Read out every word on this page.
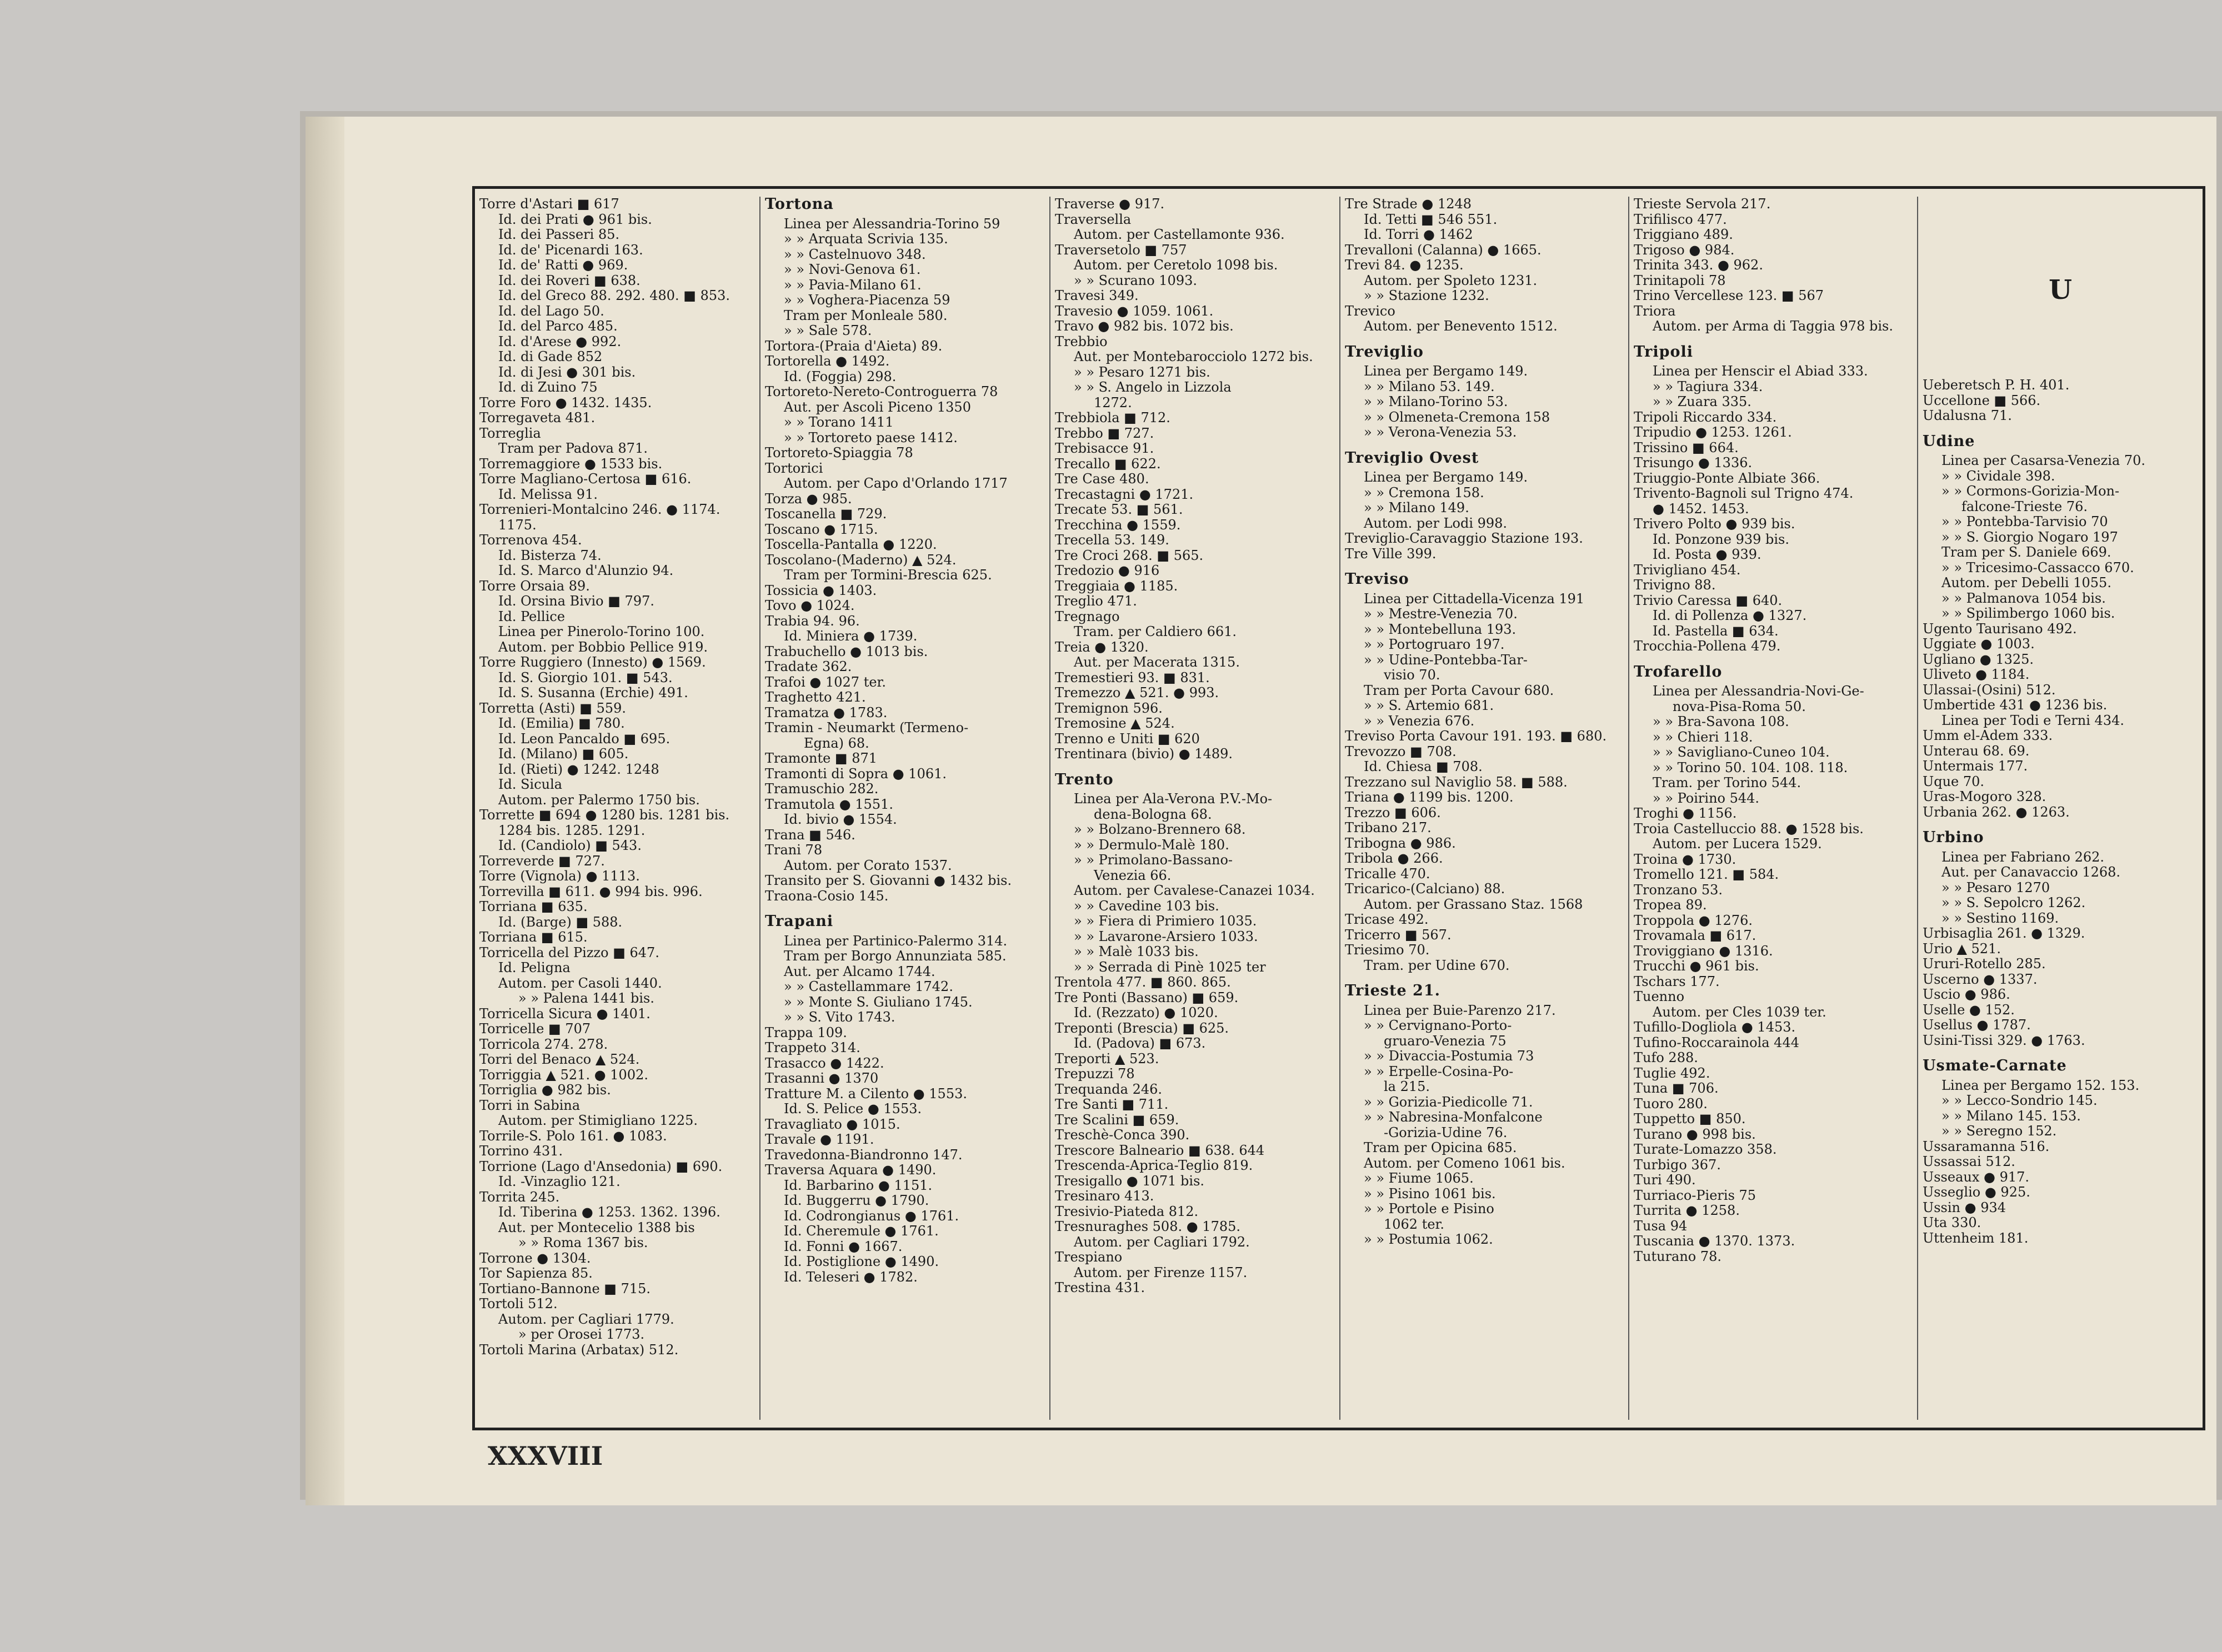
Torre d'Astari ■ 617
Id. dei Prati ● 961 bis.
Id. dei Passeri 85.
Id. de' Picenardi 163.
Id. de' Ratti ● 969.
Id. dei Roveri ■ 638.
Id. del Greco 88. 292. 480. ■ 853.
Id. del Lago 50.
Id. del Parco 485.
Id. d'Arese ● 992.
Id. di Gade 852
Id. di Jesi ● 301 bis.
Id. di Zuino 75
Torre Foro ● 1432. 1435.
Torregaveta 481.
Torreglia
Tram per Padova 871.
Torremaggiore ● 1533 bis.
Torre Magliano-Certosa ■ 616.
Id. Melissa 91.
Torrenieri-Montalcino 246. ● 1174.
1175.
Torrenova 454.
Id. Bisterza 74.
Id. S. Marco d'Alunzio 94.
Torre Orsaia 89.
Id. Orsina Bivio ■ 797.
Id. Pellice
Linea per Pinerolo-Torino 100.
Autom. per Bobbio Pellice 919.
Torre Ruggiero (Innesto) ● 1569.
Id. S. Giorgio 101. ■ 543.
Id. S. Susanna (Erchie) 491.
Torretta (Asti) ■ 559.
Id. (Emilia) ■ 780.
Id. Leon Pancaldo ■ 695.
Id. (Milano) ■ 605.
Id. (Rieti) ● 1242. 1248
Id. Sicula
Autom. per Palermo 1750 bis.
Torrette ■ 694 ● 1280 bis. 1281 bis.
1284 bis. 1285. 1291.
Id. (Candiolo) ■ 543.
Torreverde ■ 727.
Torre (Vignola) ● 1113.
Torrevilla ■ 611. ● 994 bis. 996.
Torriana ■ 635.
Id. (Barge) ■ 588.
Torriana ■ 615.
Torricella del Pizzo ■ 647.
Id. Peligna
Autom. per Casoli 1440.
» » Palena 1441 bis.
Torricella Sicura ● 1401.
Torricelle ■ 707
Torricola 274. 278.
Torri del Benaco ▲ 524.
Torriggia ▲ 521. ● 1002.
Torriglia ● 982 bis.
Torri in Sabina
Autom. per Stimigliano 1225.
Torrile-S. Polo 161. ● 1083.
Torrino 431.
Torrione (Lago d'Ansedonia) ■ 690.
Id. -Vinzaglio 121.
Torrita 245.
Id. Tiberina ● 1253. 1362. 1396.
Aut. per Montecelio 1388 bis
» » Roma 1367 bis.
Torrone ● 1304.
Tor Sapienza 85.
Tortiano-Bannone ■ 715.
Tortoli 512.
Autom. per Cagliari 1779.
» per Orosei 1773.
Tortoli Marina (Arbatax) 512.
Tortona
Linea per Alessandria-Torino 59
» » Arquata Scrivia 135.
» » Castelnuovo 348.
» » Novi-Genova 61.
» » Pavia-Milano 61.
» » Voghera-Piacenza 59
Tram per Monleale 580.
» » Sale 578.
Tortora-(Praia d'Aieta) 89.
Tortorella ● 1492.
Id. (Foggia) 298.
Tortoreto-Nereto-Controguerra 78
Aut. per Ascoli Piceno 1350
» » Torano 1411
» » Tortoreto paese 1412.
Tortoreto-Spiaggia 78
Tortorici
Autom. per Capo d'Orlando 1717
Torza ● 985.
Toscanella ■ 729.
Toscano ● 1715.
Toscella-Pantalla ● 1220.
Toscolano-(Maderno) ▲ 524.
Tram per Tormini-Brescia 625.
Tossicia ● 1403.
Tovo ● 1024.
Trabia 94. 96.
Id. Miniera ● 1739.
Trabuchello ● 1013 bis.
Tradate 362.
Trafoi ● 1027 ter.
Traghetto 421.
Tramatza ● 1783.
Tramin - Neumarkt (Termeno-
Egna) 68.
Tramonte ■ 871
Tramonti di Sopra ● 1061.
Tramuschio 282.
Tramutola ● 1551.
Id. bivio ● 1554.
Trana ■ 546.
Trani 78
Autom. per Corato 1537.
Transito per S. Giovanni ● 1432 bis.
Traona-Cosio 145.
Trapani
Linea per Partinico-Palermo 314.
Tram per Borgo Annunziata 585.
Aut. per Alcamo 1744.
» » Castellammare 1742.
» » Monte S. Giuliano 1745.
» » S. Vito 1743.
Trappa 109.
Trappeto 314.
Trasacco ● 1422.
Trasanni ● 1370
Tratture M. a Cilento ● 1553.
Id. S. Pelice ● 1553.
Travagliato ● 1015.
Travale ● 1191.
Travedonna-Biandronno 147.
Traversa Aquara ● 1490.
Id. Barbarino ● 1151.
Id. Buggerru ● 1790.
Id. Codrongianus ● 1761.
Id. Cheremule ● 1761.
Id. Fonni ● 1667.
Id. Postiglione ● 1490.
Id. Teleseri ● 1782.
Traverse ● 917.
Traversella
Autom. per Castellamonte 936.
Traversetolo ■ 757
Autom. per Ceretolo 1098 bis.
» » Scurano 1093.
Travesi 349.
Travesio ● 1059. 1061.
Travo ● 982 bis. 1072 bis.
Trebbio
Aut. per Montebarocciolo 1272 bis.
» » Pesaro 1271 bis.
» » S. Angelo in Lizzola
1272.
Trebbiola ■ 712.
Trebbo ■ 727.
Trebisacce 91.
Trecallo ■ 622.
Tre Case 480.
Trecastagni ● 1721.
Trecate 53. ■ 561.
Trecchina ● 1559.
Trecella 53. 149.
Tre Croci 268. ■ 565.
Tredozio ● 916
Treggiaia ● 1185.
Treglio 471.
Tregnago
Tram. per Caldiero 661.
Treia ● 1320.
Aut. per Macerata 1315.
Tremestieri 93. ■ 831.
Tremezzo ▲ 521. ● 993.
Tremignon 596.
Tremosine ▲ 524.
Trenno e Uniti ■ 620
Trentinara (bivio) ● 1489.
Trento
Linea per Ala-Verona P.V.-Mo-
dena-Bologna 68.
» » Bolzano-Brennero 68.
» » Dermulo-Malè 180.
» » Primolano-Bassano-
Venezia 66.
Autom. per Cavalese-Canazei 1034.
» » Cavedine 103 bis.
» » Fiera di Primiero 1035.
» » Lavarone-Arsiero 1033.
» » Malè 1033 bis.
» » Serrada di Pinè 1025 ter
Trentola 477. ■ 860. 865.
Tre Ponti (Bassano) ■ 659.
Id. (Rezzato) ● 1020.
Treponti (Brescia) ■ 625.
Id. (Padova) ■ 673.
Treporti ▲ 523.
Trepuzzi 78
Trequanda 246.
Tre Santi ■ 711.
Tre Scalini ■ 659.
Treschè-Conca 390.
Trescore Balneario ■ 638. 644
Trescenda-Aprica-Teglio 819.
Tresigallo ● 1071 bis.
Tresinaro 413.
Tresivio-Piateda 812.
Tresnuraghes 508. ● 1785.
Autom. per Cagliari 1792.
Trespiano
Autom. per Firenze 1157.
Trestina 431.
Tre Strade ● 1248
Id. Tetti ■ 546 551.
Id. Torri ● 1462
Trevalloni (Calanna) ● 1665.
Trevi 84. ● 1235.
Autom. per Spoleto 1231.
» » Stazione 1232.
Trevico
Autom. per Benevento 1512.
Treviglio
Linea per Bergamo 149.
» » Milano 53. 149.
» » Milano-Torino 53.
» » Olmeneta-Cremona 158
» » Verona-Venezia 53.
Treviglio Ovest
Linea per Bergamo 149.
» » Cremona 158.
» » Milano 149.
Autom. per Lodi 998.
Treviglio-Caravaggio Stazione 193.
Tre Ville 399.
Treviso
Linea per Cittadella-Vicenza 191
» » Mestre-Venezia 70.
» » Montebelluna 193.
» » Portogruaro 197.
» » Udine-Pontebba-Tar-
visio 70.
Tram per Porta Cavour 680.
» » S. Artemio 681.
» » Venezia 676.
Treviso Porta Cavour 191. 193. ■ 680.
Trevozzo ■ 708.
Id. Chiesa ■ 708.
Trezzano sul Naviglio 58. ■ 588.
Triana ● 1199 bis. 1200.
Trezzo ■ 606.
Tribano 217.
Tribogna ● 986.
Tribola ● 266.
Tricalle 470.
Tricarico-(Calciano) 88.
Autom. per Grassano Staz. 1568
Tricase 492.
Tricerro ■ 567.
Triesimo 70.
Tram. per Udine 670.
Trieste 21.
Linea per Buie-Parenzo 217.
» » Cervignano-Porto-
gruaro-Venezia 75
» » Divaccia-Postumia 73
» » Erpelle-Cosina-Po-
la 215.
» » Gorizia-Piedicolle 71.
» » Nabresina-Monfalcone
-Gorizia-Udine 76.
Tram per Opicina 685.
Autom. per Comeno 1061 bis.
» » Fiume 1065.
» » Pisino 1061 bis.
» » Portole e Pisino
1062 ter.
» » Postumia 1062.
Trieste Servola 217.
Trifilisco 477.
Triggiano 489.
Trigoso ● 984.
Trinita 343. ● 962.
Trinitapoli 78
Trino Vercellese 123. ■ 567
Triora
Autom. per Arma di Taggia 978 bis.
Tripoli
Linea per Henscir el Abiad 333.
» » Tagiura 334.
» » Zuara 335.
Tripoli Riccardo 334.
Tripudio ● 1253. 1261.
Trissino ■ 664.
Trisungo ● 1336.
Triuggio-Ponte Albiate 366.
Trivento-Bagnoli sul Trigno 474.
● 1452. 1453.
Trivero Polto ● 939 bis.
Id. Ponzone 939 bis.
Id. Posta ● 939.
Triviglianо 454.
Trivigno 88.
Trivio Caressa ■ 640.
Id. di Pollenza ● 1327.
Id. Pastella ■ 634.
Trocchia-Pollena 479.
Trofarello
Linea per Alessandria-Novi-Ge-
nova-Pisa-Roma 50.
» » Bra-Savona 108.
» » Chieri 118.
» » Savigliano-Cuneo 104.
» » Torino 50. 104. 108. 118.
Tram. per Torino 544.
» » Poirino 544.
Troghi ● 1156.
Troia Castelluccio 88. ● 1528 bis.
Autom. per Lucera 1529.
Troina ● 1730.
Tromello 121. ■ 584.
Tronzano 53.
Tropea 89.
Troppola ● 1276.
Trovamala ■ 617.
Troviggiano ● 1316.
Trucchi ● 961 bis.
Tschars 177.
Tuenno
Autom. per Cles 1039 ter.
Tufillo-Dogliola ● 1453.
Tufino-Roccarainola 444
Tufo 288.
Tuglie 492.
Tuna ■ 706.
Tuoro 280.
Tuppetto ■ 850.
Turano ● 998 bis.
Turate-Lomazzo 358.
Turbigo 367.
Turi 490.
Turriaco-Pieris 75
Turrita ● 1258.
Tusa 94
Tuscania ● 1370. 1373.
Tuturano 78.
U
Ueberetsch P. H. 401.
Uccellone ■ 566.
Udalusna 71.
Udine
Linea per Casarsa-Venezia 70.
» » Cividale 398.
» » Cormons-Gorizia-Mon-
falcone-Trieste 76.
» » Pontebba-Tarvisio 70
» » S. Giorgio Nogaro 197
Tram per S. Daniele 669.
» » Tricesimo-Cassacco 670.
Autom. per Debelli 1055.
» » Palmanova 1054 bis.
» » Spilimbergo 1060 bis.
Ugento Taurisano 492.
Uggiate ● 1003.
Ugliano ● 1325.
Uliveto ● 1184.
Ulassai-(Osini) 512.
Umbertide 431 ● 1236 bis.
Linea per Todi e Terni 434.
Umm el-Adem 333.
Unterau 68. 69.
Untermais 177.
Uque 70.
Uras-Mogoro 328.
Urbania 262. ● 1263.
Urbino
Linea per Fabriano 262.
Aut. per Canavaccio 1268.
» » Pesaro 1270
» » S. Sepolcro 1262.
» » Sestino 1169.
Urbisaglia 261. ● 1329.
Urio ▲ 521.
Ururi-Rotello 285.
Uscerno ● 1337.
Uscio ● 986.
Uselle ● 152.
Usellus ● 1787.
Usini-Tissi 329. ● 1763.
Usmate-Carnate
Linea per Bergamo 152. 153.
» » Lecco-Sondrio 145.
» » Milano 145. 153.
» » Seregno 152.
Ussaramanna 516.
Ussassai 512.
Usseaux ● 917.
Usseglio ● 925.
Ussin ● 934
Uta 330.
Uttenheim 181.
XXXVIII
